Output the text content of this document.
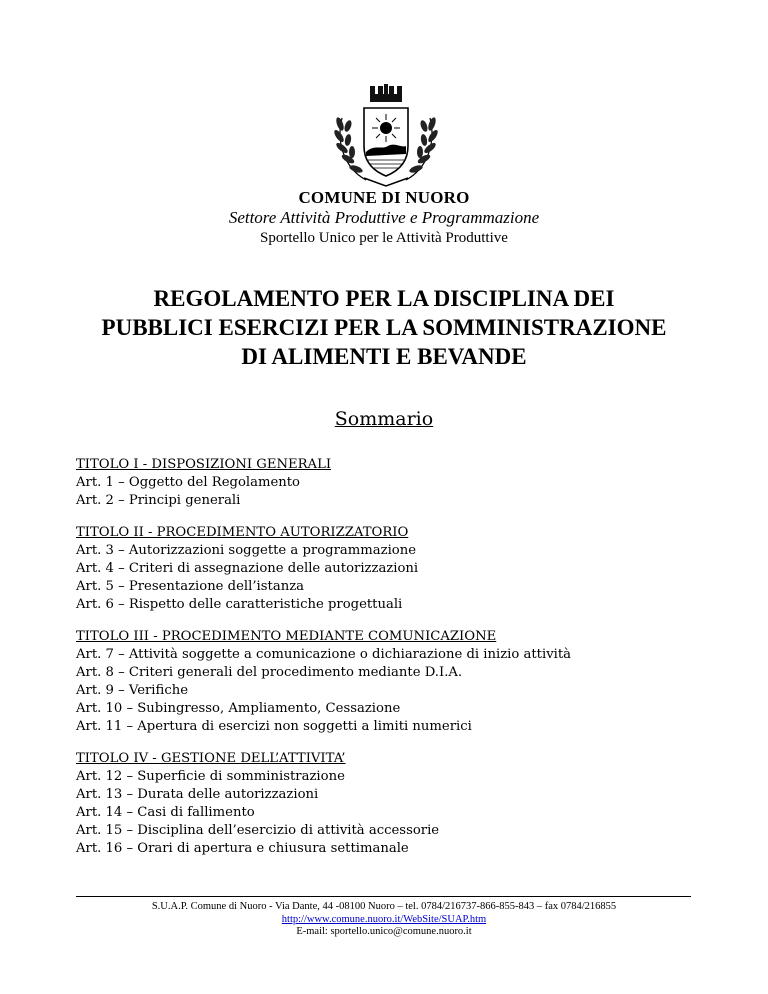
COMUNE DI NUORO
Settore Attività Produttive e Programmazione
Sportello Unico per le Attività Produttive
REGOLAMENTO PER LA DISCIPLINA DEI
PUBBLICI ESERCIZI PER LA SOMMINISTRAZIONE
DI ALIMENTI E BEVANDE
Sommario
TITOLO I - DISPOSIZIONI GENERALI
Art. 1 – Oggetto del Regolamento
Art. 2 – Principi generali
TITOLO II - PROCEDIMENTO AUTORIZZATORIO
Art. 3 – Autorizzazioni soggette a programmazione
Art. 4 – Criteri di assegnazione delle autorizzazioni
Art. 5 – Presentazione dell’istanza
Art. 6 – Rispetto delle caratteristiche progettuali
TITOLO III - PROCEDIMENTO MEDIANTE COMUNICAZIONE
Art. 7 – Attività soggette a comunicazione o dichiarazione di inizio attività
Art. 8 – Criteri generali del procedimento mediante D.I.A.
Art. 9 – Verifiche
Art. 10 – Subingresso, Ampliamento, Cessazione
Art. 11 – Apertura di esercizi non soggetti a limiti numerici
TITOLO IV - GESTIONE DELL’ATTIVITA’
Art. 12 – Superficie di somministrazione
Art. 13 – Durata delle autorizzazioni
Art. 14 – Casi di fallimento
Art. 15 – Disciplina dell’esercizio di attività accessorie
Art. 16 – Orari di apertura e chiusura settimanale
S.U.A.P. Comune di Nuoro - Via Dante, 44 -08100 Nuoro – tel. 0784/216737-866-855-843 – fax 0784/216855
http://www.comune.nuoro.it/WebSite/SUAP.htm
E-mail: sportello.unico@comune.nuoro.it
